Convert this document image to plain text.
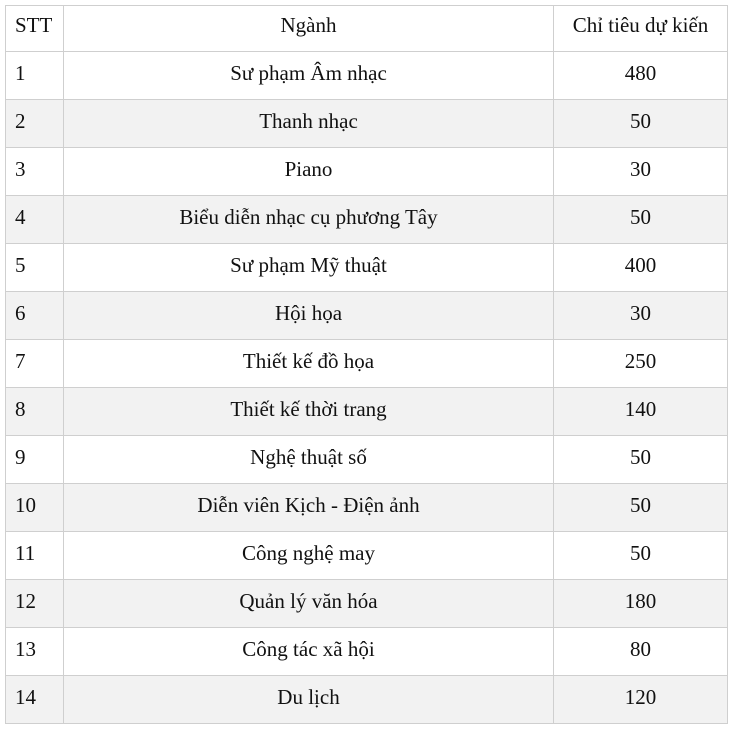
STT	Ngành	Chỉ tiêu dự kiến
1	Sư phạm Âm nhạc	480
2	Thanh nhạc	50
3	Piano	30
4	Biểu diễn nhạc cụ phương Tây	50
5	Sư phạm Mỹ thuật	400
6	Hội họa	30
7	Thiết kế đồ họa	250
8	Thiết kế thời trang	140
9	Nghệ thuật số	50
10	Diễn viên Kịch - Điện ảnh	50
11	Công nghệ may	50
12	Quản lý văn hóa	180
13	Công tác xã hội	80
14	Du lịch	120
